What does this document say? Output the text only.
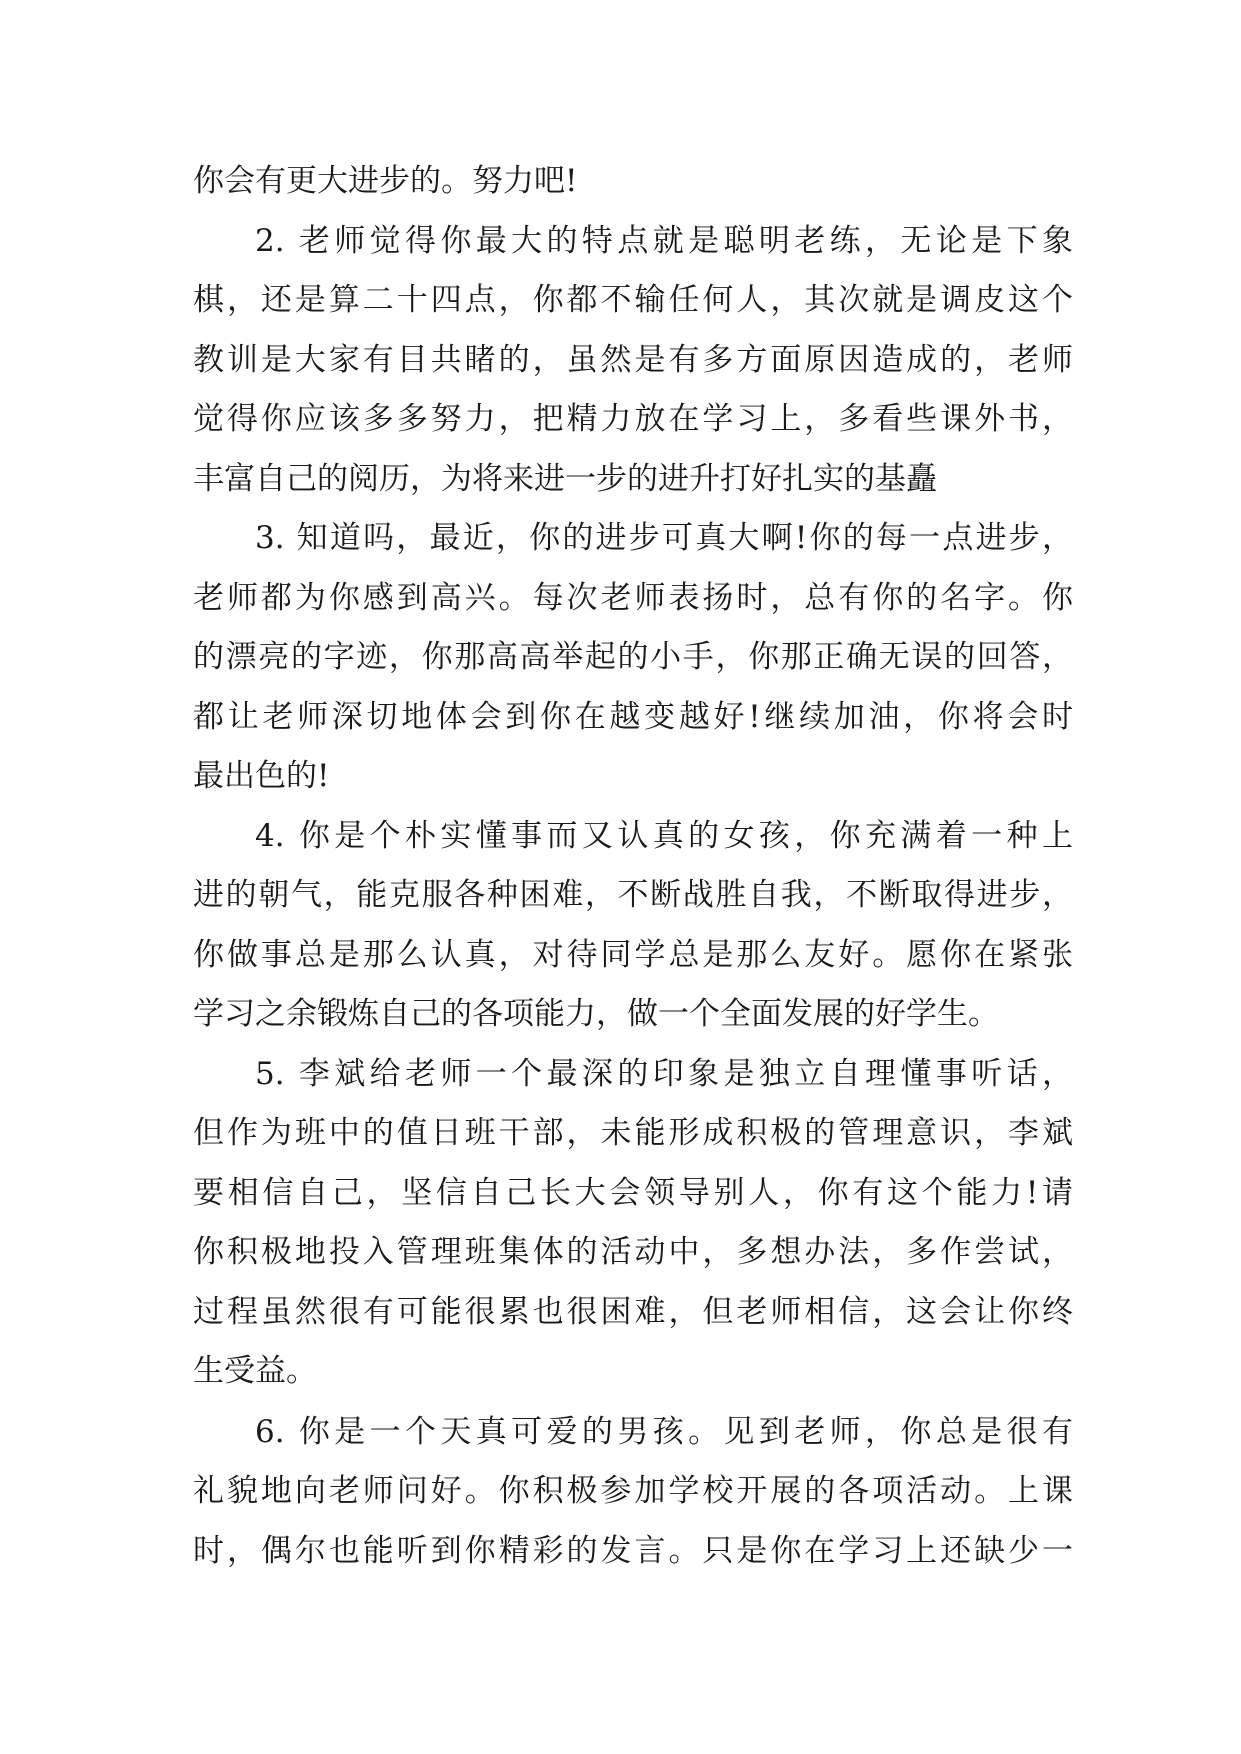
你会有更大进步的。努力吧!

2. 老师觉得你最大的特点就是聪明老练，无论是下象
棋，还是算二十四点，你都不输任何人，其次就是调皮这个
教训是大家有目共睹的，虽然是有多方面原因造成的，老师
觉得你应该多多努力，把精力放在学习上，多看些课外书，
丰富自己的阅历，为将来进一步的进升打好扎实的基矗

3. 知道吗，最近，你的进步可真大啊!你的每一点进步，
老师都为你感到高兴。每次老师表扬时，总有你的名字。你
的漂亮的字迹，你那高高举起的小手，你那正确无误的回答，
都让老师深切地体会到你在越变越好!继续加油，你将会时
最出色的!

4. 你是个朴实懂事而又认真的女孩，你充满着一种上
进的朝气，能克服各种困难，不断战胜自我，不断取得进步，
你做事总是那么认真，对待同学总是那么友好。愿你在紧张
学习之余锻炼自己的各项能力，做一个全面发展的好学生。

5. 李斌给老师一个最深的印象是独立自理懂事听话，
但作为班中的值日班干部，未能形成积极的管理意识，李斌
要相信自己，坚信自己长大会领导别人，你有这个能力!请
你积极地投入管理班集体的活动中，多想办法，多作尝试，
过程虽然很有可能很累也很困难，但老师相信，这会让你终
生受益。

6. 你是一个天真可爱的男孩。见到老师，你总是很有
礼貌地向老师问好。你积极参加学校开展的各项活动。上课
时，偶尔也能听到你精彩的发言。只是你在学习上还缺少一
